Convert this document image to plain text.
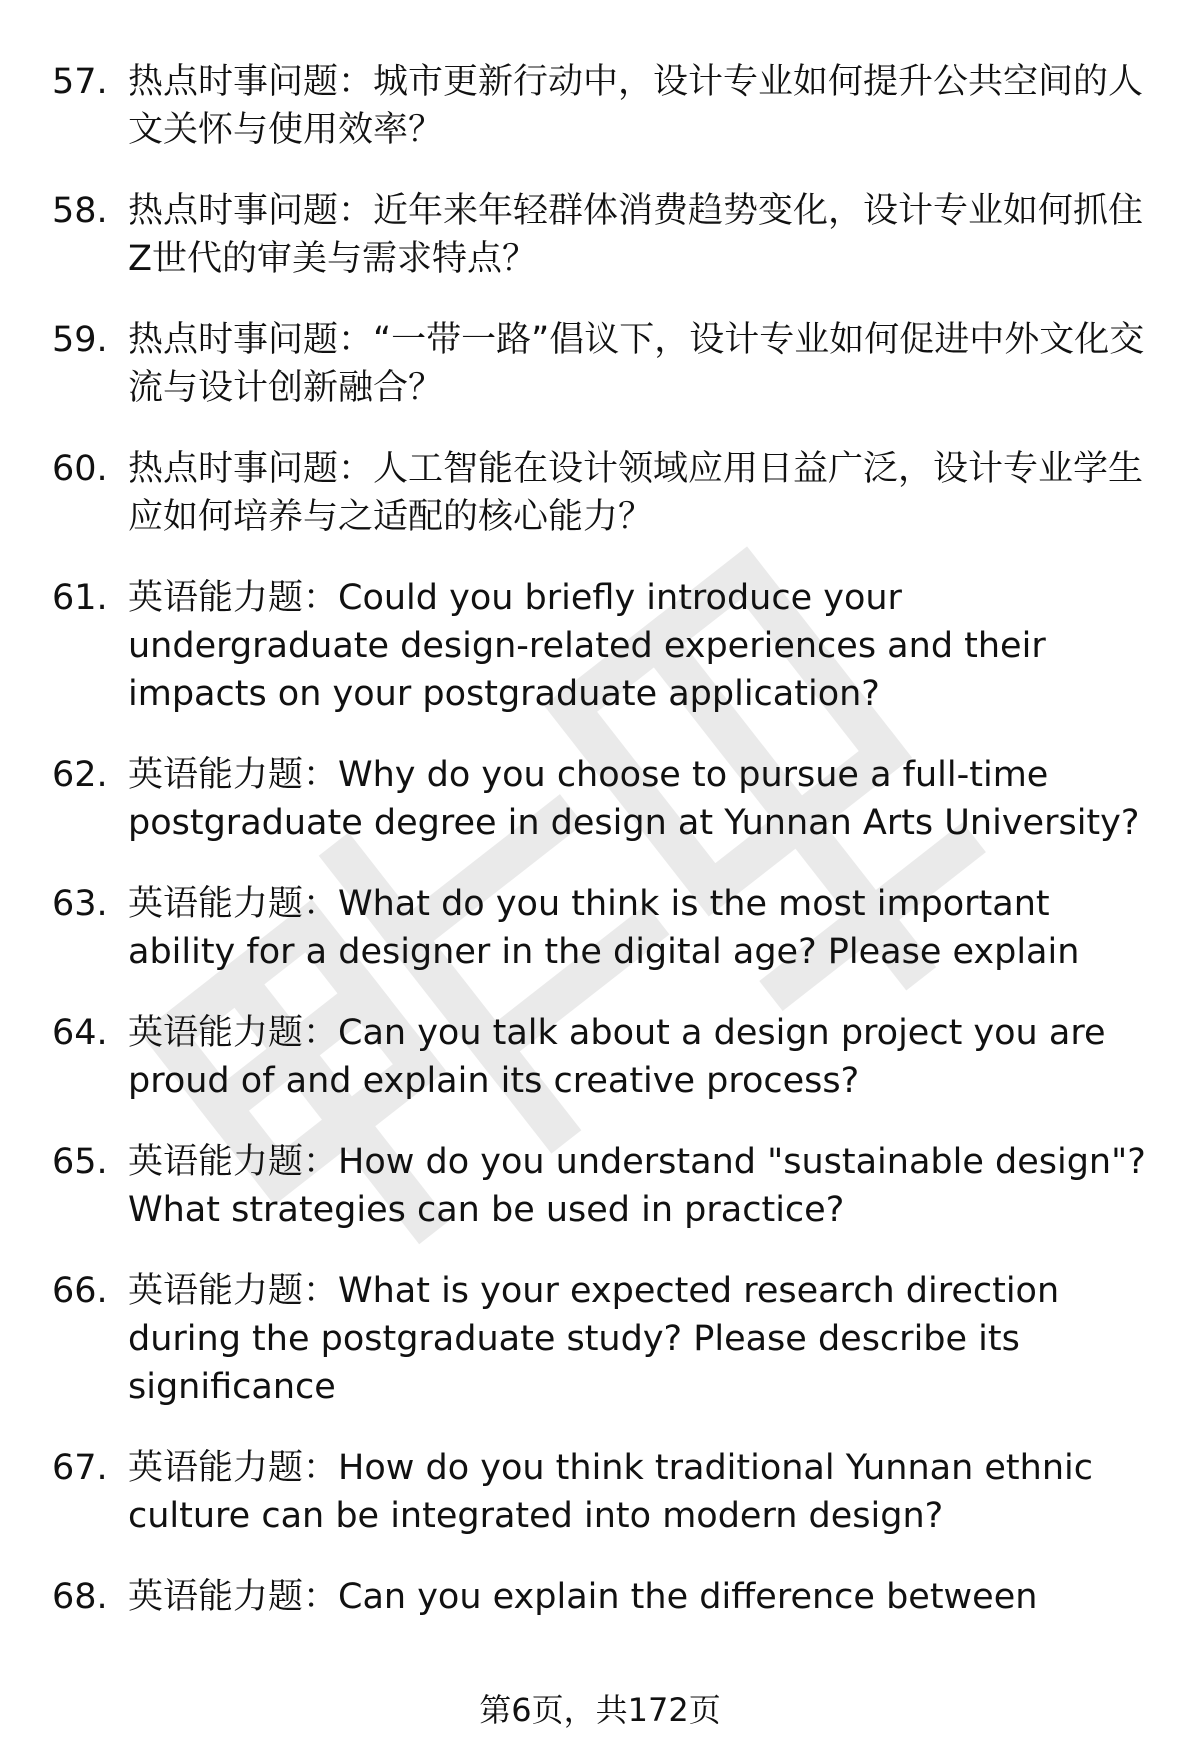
57. 热点时事问题：城市更新行动中，设计专业如何提升公共空间的人文关怀与使用效率？
58. 热点时事问题：近年来年轻群体消费趋势变化，设计专业如何抓住Z世代的审美与需求特点？
59. 热点时事问题：“一带一路”倡议下，设计专业如何促进中外文化交流与设计创新融合？
60. 热点时事问题：人工智能在设计领域应用日益广泛，设计专业学生应如何培养与之适配的核心能力？
61. 英语能力题：Could you briefly introduce your undergraduate design-related experiences and their impacts on your postgraduate application?
62. 英语能力题：Why do you choose to pursue a full-time postgraduate degree in design at Yunnan Arts University?
63. 英语能力题：What do you think is the most important ability for a designer in the digital age? Please explain
64. 英语能力题：Can you talk about a design project you are proud of and explain its creative process?
65. 英语能力题：How do you understand "sustainable design"? What strategies can be used in practice?
66. 英语能力题：What is your expected research direction during the postgraduate study? Please describe its significance
67. 英语能力题：How do you think traditional Yunnan ethnic culture can be integrated into modern design?
68. 英语能力题：Can you explain the difference between
第6页，共172页
